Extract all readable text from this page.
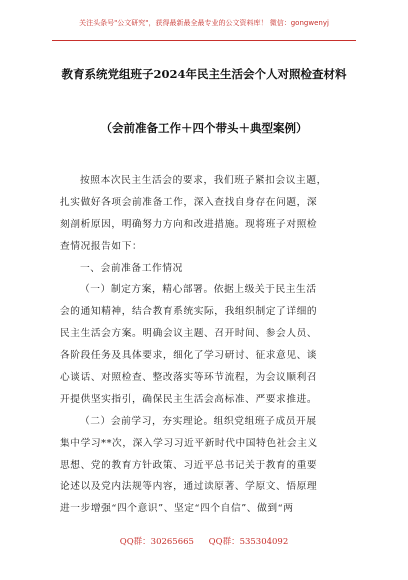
关注头条号"公文研究"，获得最新最全最专业的公文资料库！ 微信：gongwenyj
教育系统党组班子2024年民主生活会个人对照检查材料
（会前准备工作＋四个带头＋典型案例）
按照本次民主生活会的要求，我们班子紧扣会议主题，
扎实做好各项会前准备工作，深入查找自身存在问题，深
刻剖析原因，明确努力方向和改进措施。现将班子对照检
查情况报告如下：
一、会前准备工作情况
（一）制定方案，精心部署。依据上级关于民主生活
会的通知精神，结合教育系统实际，我组织制定了详细的
民主生活会方案。明确会议主题、召开时间、参会人员、
各阶段任务及具体要求，细化了学习研讨、征求意见、谈
心谈话、对照检查、整改落实等环节流程，为会议顺利召
开提供坚实指引，确保民主生活会高标准、严要求推进。
（二）会前学习，夯实理论。组织党组班子成员开展
集中学习**次，深入学习习近平新时代中国特色社会主义
思想、党的教育方针政策、习近平总书记关于教育的重要
论述以及党内法规等内容，通过读原著、学原文、悟原理
进一步增强“四个意识”、坚定“四个自信”、做到“两
QQ群：30265665 QQ群：535304092
